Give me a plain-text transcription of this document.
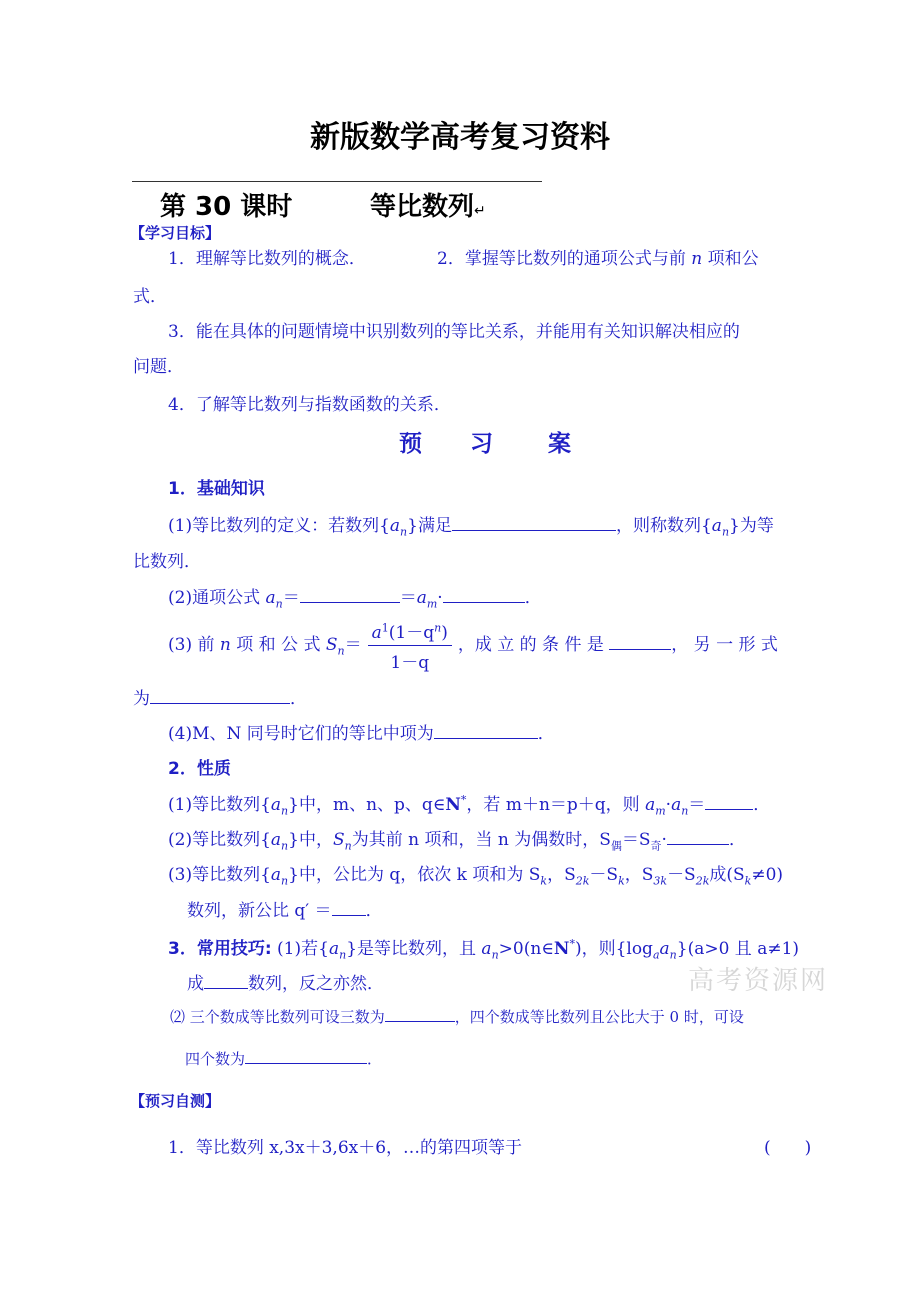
新版数学高考复习资料
第 30 课时	等比数列↵
【学习目标】
1．理解等比数列的概念．	2．掌握等比数列的通项公式与前 n 项和公
式．
3．能在具体的问题情境中识别数列的等比关系，并能用有关知识解决相应的
问题．
4．了解等比数列与指数函数的关系．
预 习 案
1．基础知识
(1)等比数列的定义：若数列$\{a_n\}$满足	，则称数列$\{a_n\}$为等
比数列．
(2)通项公式 $a_n=$	$=a_m\cdot$	．
(3) 前 n 项 和 公 式 $S_n= \frac{a^1(1-q^n)}{1-q}$ ，成 立 的 条 件 是	， 另 一 形 式
为	．
(4)M、N 同号时它们的等比中项为	．
2．性质
(1)等比数列$\{a_n\}$中，m、n、p、q∈N*，若 m＋n＝p＋q，则 $a_m\cdot a_n=$	．
(2)等比数列$\{a_n\}$中，$S_n$为其前 n 项和，当 n 为偶数时，$S_偶=S_奇\cdot$	．
(3)等比数列$\{a_n\}$中，公比为 q，依次 k 项和为 $S_k$，$S_{2k}-S_k$，$S_{3k}-S_{2k}$成$(S_k\ne 0)$
数列，新公比 q′ ＝ ．
3．常用技巧: (1)若$\{a_n\}$是等比数列，且 $a_n>0(n\in N^*)$，则$\{\log_aa_n\}(a>0$ 且 a≠1)
成	数列，反之亦然．
⑵ 三个数成等比数列可设三数为	，四个数成等比数列且公比大于 0 时，可设
四个数为	．
【预习自测】
1．等比数列 x,3x＋3,6x＋6，…的第四项等于	(　　)
高考资源网
